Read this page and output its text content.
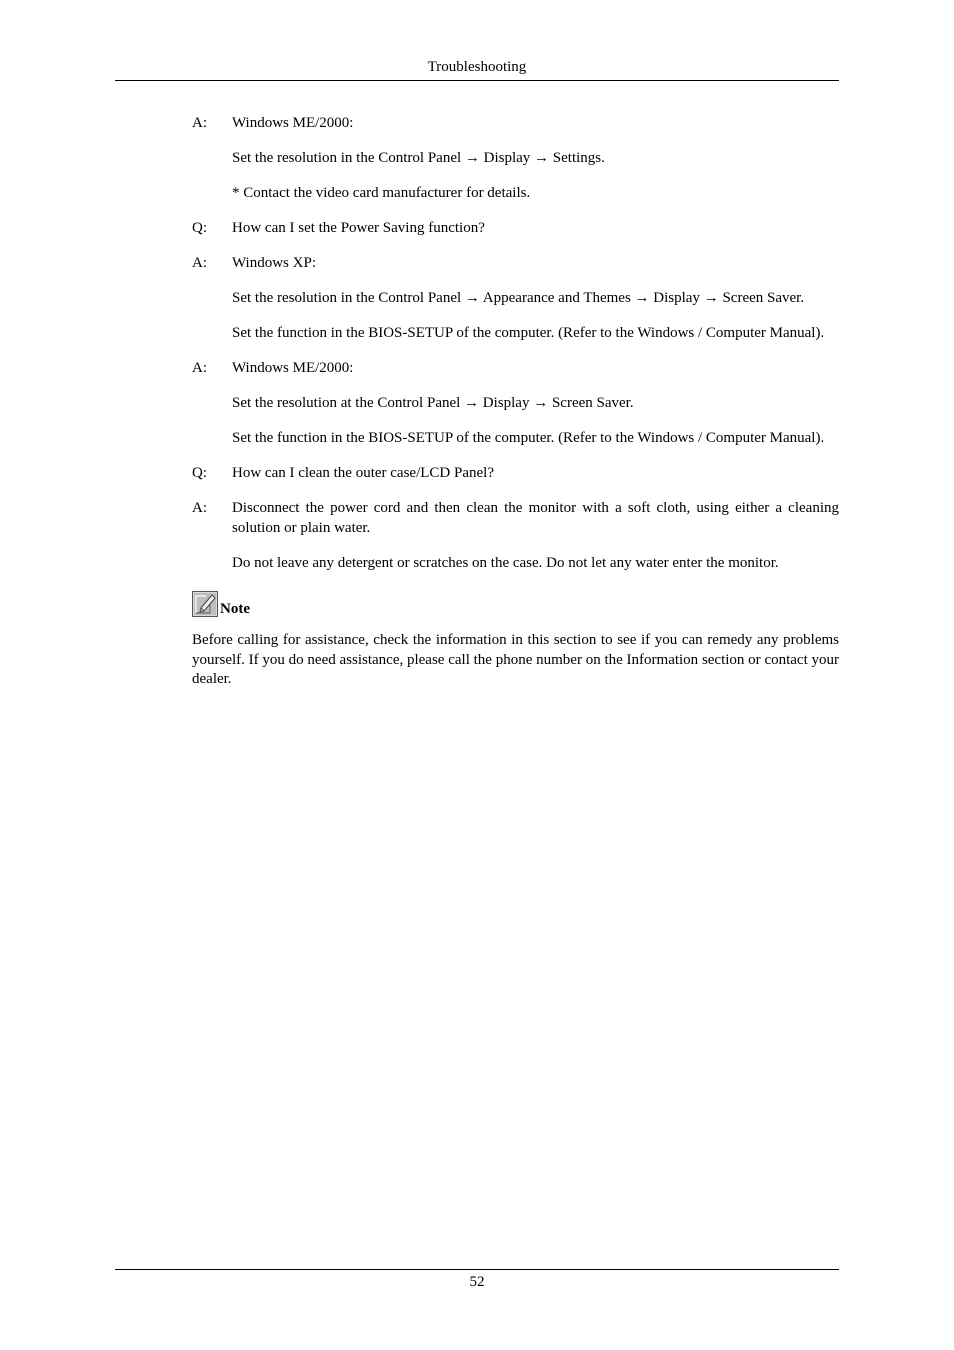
Troubleshooting
A: Windows ME/2000:
Set the resolution in the Control Panel → Display → Settings.
* Contact the video card manufacturer for details.
Q: How can I set the Power Saving function?
A: Windows XP:
Set the resolution in the Control Panel → Appearance and Themes → Display → Screen Saver.
Set the function in the BIOS-SETUP of the computer. (Refer to the Windows / Computer Manual).
A: Windows ME/2000:
Set the resolution at the Control Panel → Display → Screen Saver.
Set the function in the BIOS-SETUP of the computer. (Refer to the Windows / Computer Manual).
Q: How can I clean the outer case/LCD Panel?
A: Disconnect the power cord and then clean the monitor with a soft cloth, using either a cleaning solution or plain water.
Do not leave any detergent or scratches on the case. Do not let any water enter the monitor.
Note
Before calling for assistance, check the information in this section to see if you can remedy any problems yourself. If you do need assistance, please call the phone number on the Information section or contact your dealer.
52
